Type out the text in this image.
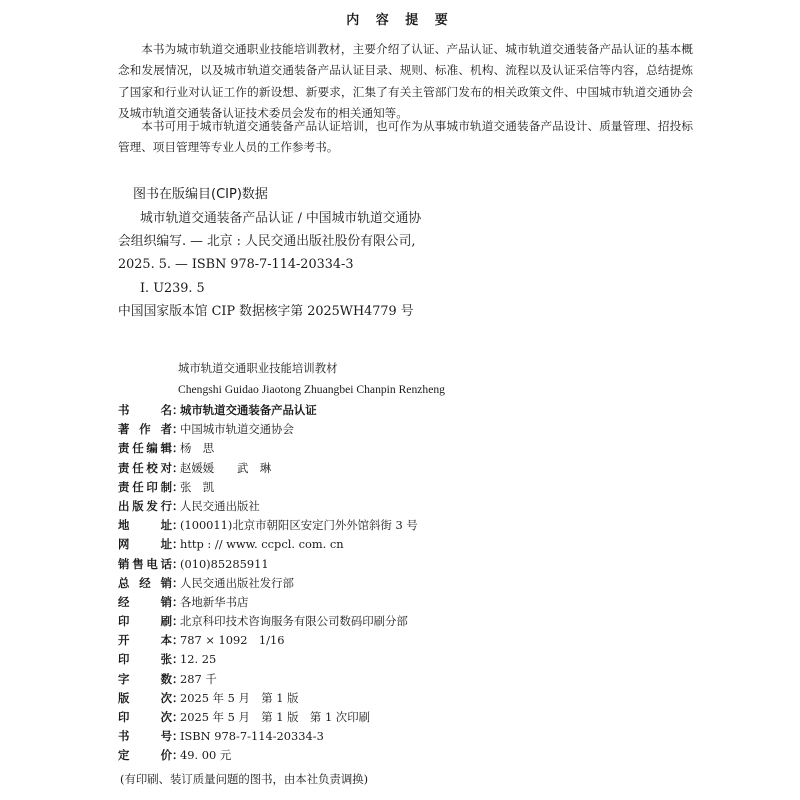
内 容 提 要

本书为城市轨道交通职业技能培训教材，主要介绍了认证、产品认证、城市轨道交通装备产品认证的基本概念和发展情况，以及城市轨道交通装备产品认证目录、规则、标准、机构、流程以及认证采信等内容，总结提炼了国家和行业对认证工作的新设想、新要求，汇集了有关主管部门发布的相关政策文件、中国城市轨道交通协会及城市轨道交通装备认证技术委员会发布的相关通知等。

本书可用于城市轨道交通装备产品认证培训，也可作为从事城市轨道交通装备产品设计、质量管理、招投标管理、项目管理等专业人员的工作参考书。

图书在版编目(CIP)数据
城市轨道交通装备产品认证 / 中国城市轨道交通协
会组织编写. — 北京 : 人民交通出版社股份有限公司,
2025. 5. — ISBN 978-7-114-20334-3
Ⅰ. U239. 5
中国国家版本馆 CIP 数据核字第 2025WH4779 号
城市轨道交通职业技能培训教材
Chengshi Guidao Jiaotong Zhuangbei Chanpin Renzheng
书	名 ：
城市轨道交通装备产品认证
著 作 者 ：
中国城市轨道交通协会
责 任 编 辑 ：
杨　思
责 任 校 对 ：
赵媛媛　　武　琳
责 任 印 制 ：
张　凯
出 版 发 行 ：
人民交通出版社
地	址 ：
(100011)北京市朝阳区安定门外外馆斜街 3 号
网	址 ：
http : // www. ccpcl. com. cn
销 售 电 话 ：
(010)85285911
总 经 销 ：
人民交通出版社发行部
经	销 ：
各地新华书店
印	刷 ：
北京科印技术咨询服务有限公司数码印刷分部
开	本 ：
787 × 1092　1/16
印	张 ：
12. 25
字	数 ：
287 千
版	次 ：
2025 年 5 月　第 1 版
印	次 ：
2025 年 5 月　第 1 版　第 1 次印刷
书	号 ：
ISBN 978-7-114-20334-3
定	价 ：
49. 00 元
(有印刷、装订质量问题的图书，由本社负责调换)
